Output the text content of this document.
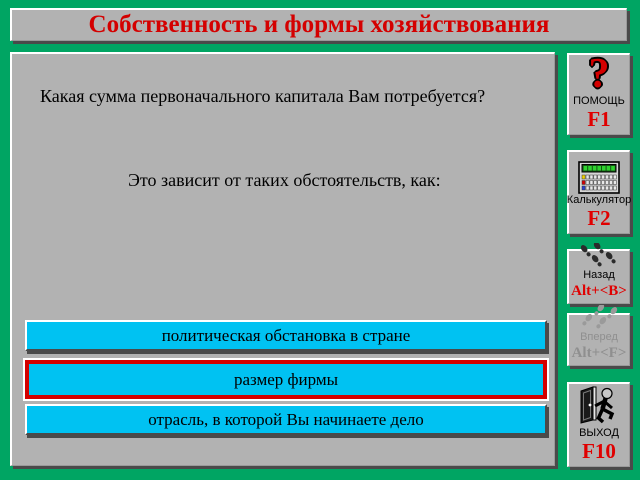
Собственность и формы хозяйствования
Какая сумма первоначального капитала Вам потребуется?
Это зависит от таких обстоятельств, как:
политическая обстановка в стране
размер фирмы
отрасль, в которой Вы начинаете дело
?
ПОМОЩЬ
F1
Калькулятор
F2
Назад
Alt+<B>
Вперед
Alt+<F>
ВЫХОД
F10
